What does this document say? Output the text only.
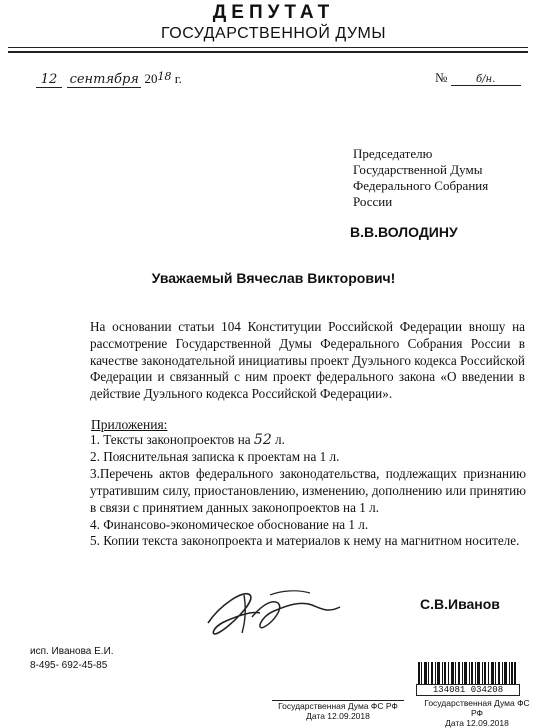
ДЕПУТАТ
ГОСУДАРСТВЕННОЙ ДУМЫ
12 сентября $20^{18}$ г.	№	б/н.
Председателю
Государственной Думы
Федерального Собрания
России
В.В.ВОЛОДИНУ
Уважаемый Вячеслав Викторович!
На основании статьи 104 Конституции Российской Федерации вношу на рассмотрение Государственной Думы Федерального Собрания России в качестве законодательной инициативы проект Дуэльного кодекса Российской Федерации и связанный с ним проект федерального закона «О введении в действие Дуэльного кодекса Российской Федерации».
Приложения:
1. Тексты законопроектов на 52 л.
2. Пояснительная записка к проектам на 1 л.
3.Перечень актов федерального законодательства, подлежащих признанию утратившим силу, приостановлению, изменению, дополнению или принятию в связи с принятием данных законопроектов на 1 л.
4. Финансово-экономическое обоснование на 1 л.
5. Копии текста законопроекта и материалов к нему на магнитном носителе.
С.В.Иванов
исп. Иванова Е.И.
8-495- 692-45-85
134081 034208
Государственная Дума ФС РФ
Дата 12.09.2018
Государственная Дума ФС РФ
Дата 12.09.2018
